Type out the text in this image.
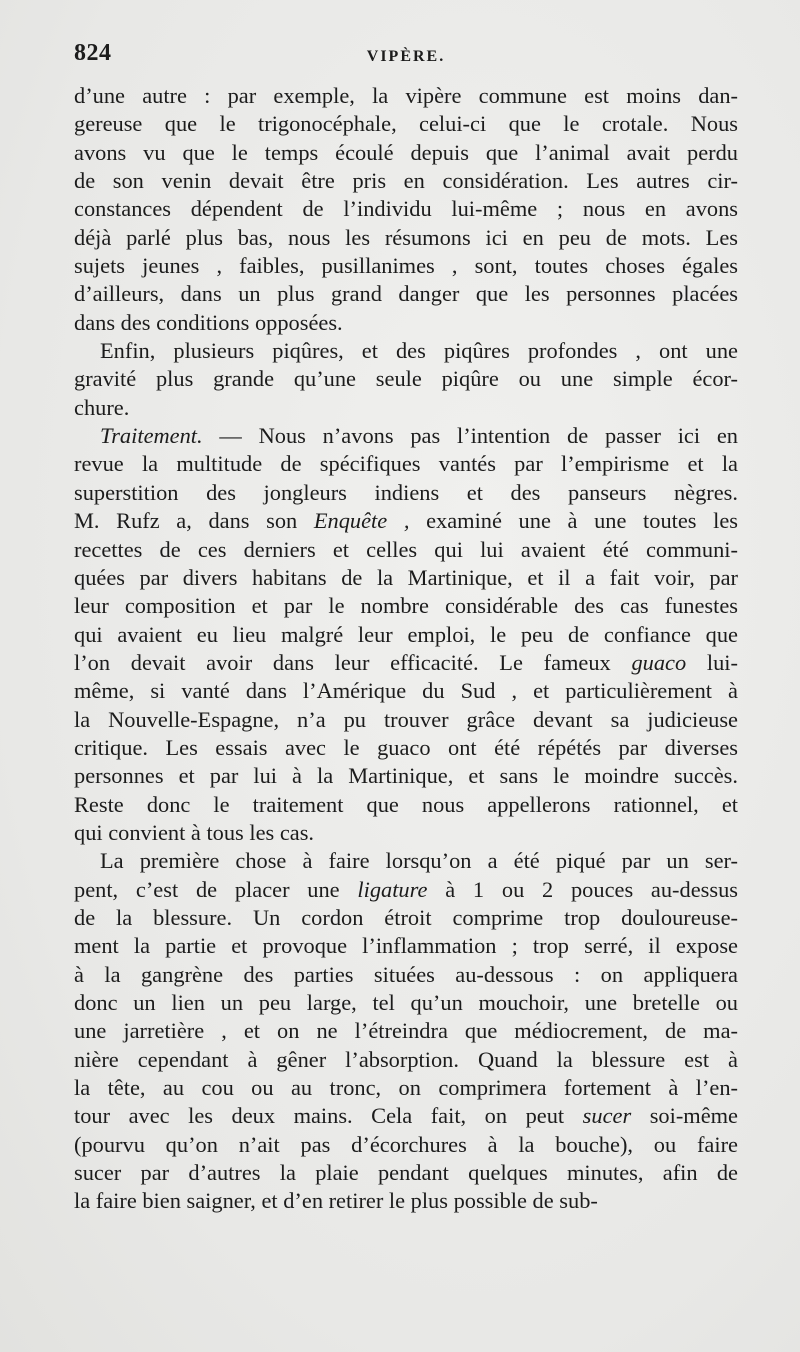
824	VIPÈRE.
d’une autre : par exemple, la vipère commune est moins dan-
gereuse que le trigonocéphale, celui-ci que le crotale. Nous
avons vu que le temps écoulé depuis que l’animal avait perdu
de son venin devait être pris en considération. Les autres cir-
constances dépendent de l’individu lui-même ; nous en avons
déjà parlé plus bas, nous les résumons ici en peu de mots. Les
sujets jeunes , faibles, pusillanimes , sont, toutes choses égales
d’ailleurs, dans un plus grand danger que les personnes placées
dans des conditions opposées.
Enfin, plusieurs piqûres, et des piqûres profondes , ont une
gravité plus grande qu’une seule piqûre ou une simple écor-
chure.
Traitement. — Nous n’avons pas l’intention de passer ici en
revue la multitude de spécifiques vantés par l’empirisme et la
superstition des jongleurs indiens et des panseurs nègres.
M. Rufz a, dans son Enquête , examiné une à une toutes les
recettes de ces derniers et celles qui lui avaient été communi-
quées par divers habitans de la Martinique, et il a fait voir, par
leur composition et par le nombre considérable des cas funestes
qui avaient eu lieu malgré leur emploi, le peu de confiance que
l’on devait avoir dans leur efficacité. Le fameux guaco lui-
même, si vanté dans l’Amérique du Sud , et particulièrement à
la Nouvelle-Espagne, n’a pu trouver grâce devant sa judicieuse
critique. Les essais avec le guaco ont été répétés par diverses
personnes et par lui à la Martinique, et sans le moindre succès.
Reste donc le traitement que nous appellerons rationnel, et
qui convient à tous les cas.
La première chose à faire lorsqu’on a été piqué par un ser-
pent, c’est de placer une ligature à 1 ou 2 pouces au-dessus
de la blessure. Un cordon étroit comprime trop douloureuse-
ment la partie et provoque l’inflammation ; trop serré, il expose
à la gangrène des parties situées au-dessous : on appliquera
donc un lien un peu large, tel qu’un mouchoir, une bretelle ou
une jarretière , et on ne l’étreindra que médiocrement, de ma-
nière cependant à gêner l’absorption. Quand la blessure est à
la tête, au cou ou au tronc, on comprimera fortement à l’en-
tour avec les deux mains. Cela fait, on peut sucer soi-même
(pourvu qu’on n’ait pas d’écorchures à la bouche), ou faire
sucer par d’autres la plaie pendant quelques minutes, afin de
la faire bien saigner, et d’en retirer le plus possible de sub-
